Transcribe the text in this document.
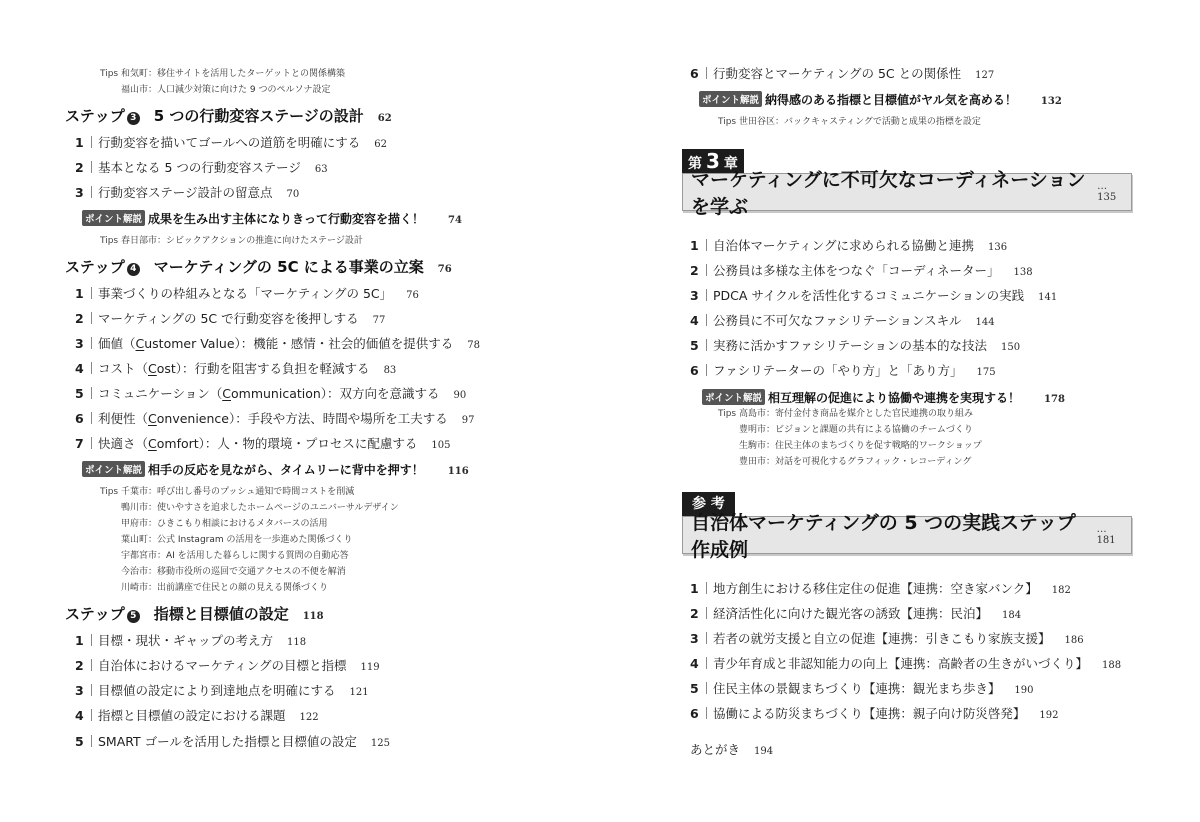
Tips 和気町：移住サイトを活用したターゲットとの関係構築
福山市：人口減少対策に向けた 9 つのペルソナ設定
ステップ 3 5 つの行動変容ステージの設計 62
1 行動変容を描いてゴールへの道筋を明確にする 62
2 基本となる 5 つの行動変容ステージ 63
3 行動変容ステージ設計の留意点 70
ポイント解説 成果を生み出す主体になりきって行動変容を描く！ 74
Tips 春日部市：シビックアクションの推進に向けたステージ設計
ステップ 4 マーケティングの 5C による事業の立案 76
1 事業づくりの枠組みとなる「マーケティングの 5C」 76
2 マーケティングの 5C で行動変容を後押しする 77
3 価値（Customer Value）：機能・感情・社会的価値を提供する 78
4 コスト（Cost）：行動を阻害する負担を軽減する 83
5 コミュニケーション（Communication）：双方向を意識する 90
6 利便性（Convenience）：手段や方法、時間や場所を工夫する 97
7 快適さ（Comfort）：人・物的環境・プロセスに配慮する 105
ポイント解説 相手の反応を見ながら、タイムリーに背中を押す！ 116
Tips 千葉市：呼び出し番号のプッシュ通知で時間コストを削減
鴨川市：使いやすさを追求したホームページのユニバーサルデザイン
甲府市：ひきこもり相談におけるメタバースの活用
葉山町：公式 Instagram の活用を一歩進めた関係づくり
宇都宮市：AI を活用した暮らしに関する質問の自動応答
今治市：移動市役所の巡回で交通アクセスの不便を解消
川崎市：出前講座で住民との顔の見える関係づくり
ステップ 5 指標と目標値の設定 118
1 目標・現状・ギャップの考え方 118
2 自治体におけるマーケティングの目標と指標 119
3 目標値の設定により到達地点を明確にする 121
4 指標と目標値の設定における課題 122
5 SMART ゴールを活用した指標と目標値の設定 125
6 行動変容とマーケティングの 5C との関係性 127
ポイント解説 納得感のある指標と目標値がヤル気を高める！ 132
Tips 世田谷区：バックキャスティングで活動と成果の指標を設定
第 3 章
マーケティングに不可欠なコーディネーションを学ぶ
…135
1 自治体マーケティングに求められる協働と連携 136
2 公務員は多様な主体をつなぐ「コーディネーター」 138
3 PDCA サイクルを活性化するコミュニケーションの実践 141
4 公務員に不可欠なファシリテーションスキル 144
5 実務に活かすファシリテーションの基本的な技法 150
6 ファシリテーターの「やり方」と「あり方」 175
ポイント解説 相互理解の促進により協働や連携を実現する！ 178
Tips 高島市：寄付金付き商品を媒介とした官民連携の取り組み
豊明市：ビジョンと課題の共有による協働のチームづくり
生駒市：住民主体のまちづくりを促す戦略的ワークショップ
豊田市：対話を可視化するグラフィック・レコーディング
参 考
自治体マーケティングの 5 つの実践ステップ作成例
…181
1 地方創生における移住定住の促進【連携：空き家バンク】 182
2 経済活性化に向けた観光客の誘致【連携：民泊】 184
3 若者の就労支援と自立の促進【連携：引きこもり家族支援】 186
4 青少年育成と非認知能力の向上【連携：高齢者の生きがいづくり】 188
5 住民主体の景観まちづくり【連携：観光まち歩き】 190
6 協働による防災まちづくり【連携：親子向け防災啓発】 192
あとがき 194
